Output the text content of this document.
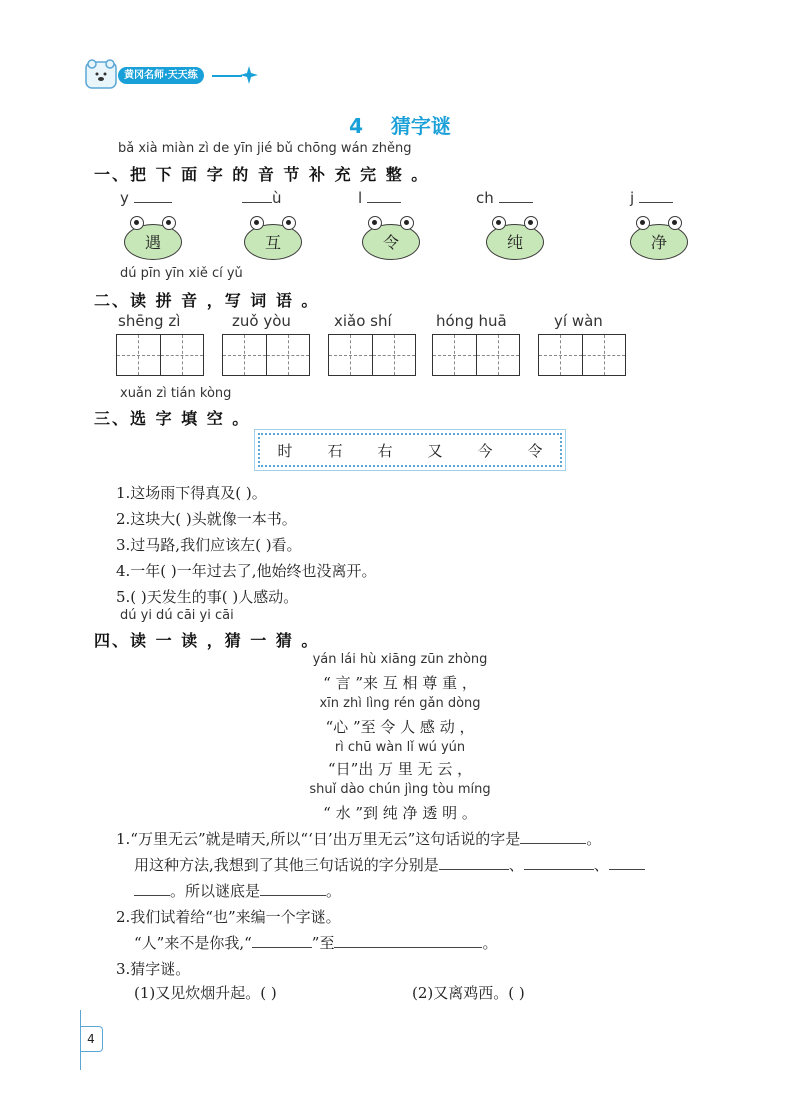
黄冈名师·天天练
4 猜字谜
bǎ xià miàn zì de yīn jié bǔ chōng wán zhěng
一、把 下 面 字 的 音 节 补 充 完 整 。
y	ù	l	ch	j
遇	互	令	纯	净
dú pīn yīn xiě cí yǔ
二、读 拼 音 ，写 词 语 。
shēng zì	zuǒ yòu	xiǎo shí	hóng huā	yí wàn
xuǎn zì tián kòng
三、选 字 填 空 。
时 石 右 又 今 令
1.这场雨下得真及( )。
2.这块大( )头就像一本书。
3.过马路,我们应该左( )看。
4.一年( )一年过去了,他始终也没离开。
5.( )天发生的事( )人感动。
dú yi dú cāi yi cāi
四、读 一 读 ，猜 一 猜 。
yán lái hù xiāng zūn zhòng
“ 言 ”来 互 相 尊 重 ，
xīn zhì lìng rén gǎn dòng
“心 ”至 令 人 感 动 ，
rì chū wàn lǐ wú yún
“日”出 万 里 无 云 ，
shuǐ dào chún jìng tòu míng
“ 水 ”到 纯 净 透 明 。
1.“万里无云”就是晴天,所以“‘日’出万里无云”这句话说的字是	。
用这种方法,我想到了其他三句话说的字分别是	、	、
。所以谜底是	。
2.我们试着给“也”来编一个字谜。
“人”来不是你我,“	”至	。
3.猜字谜。
(1)又见炊烟升起。( )	(2)又离鸡西。( )
4
